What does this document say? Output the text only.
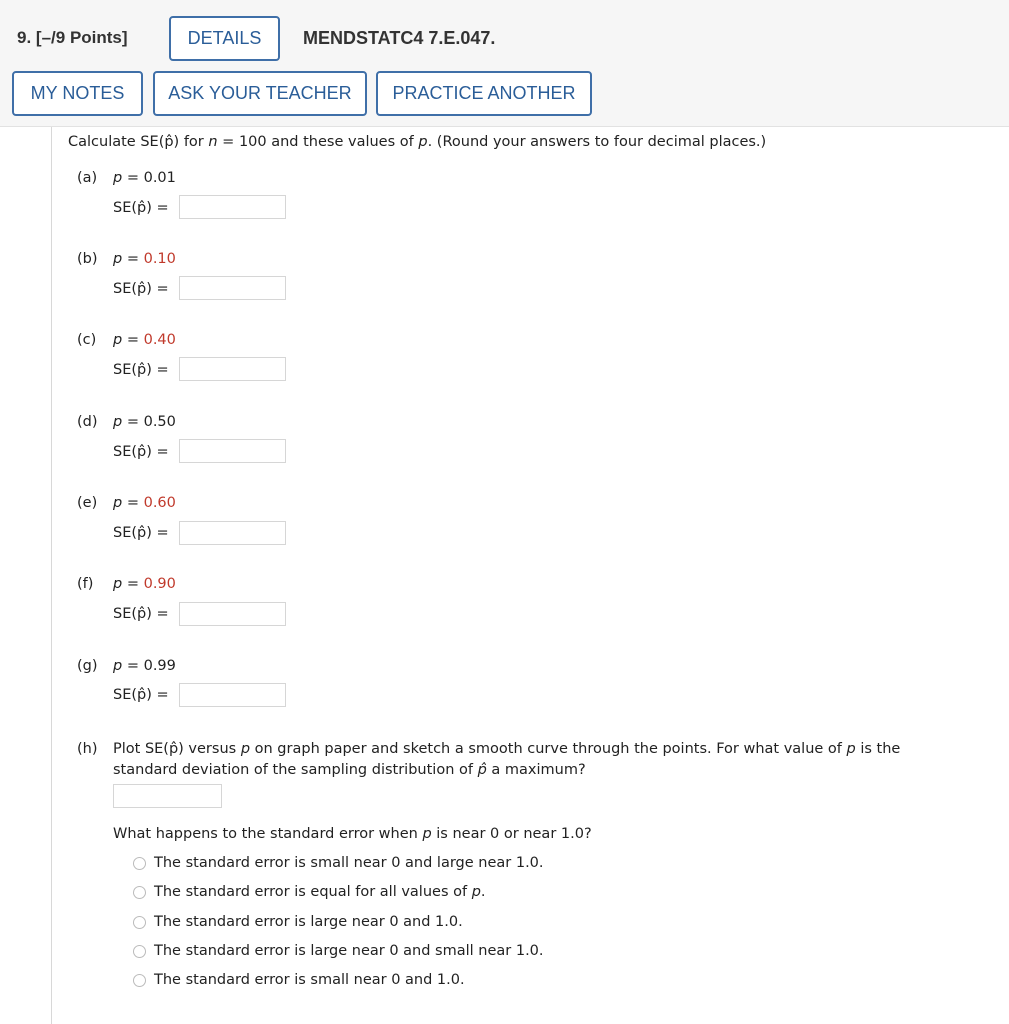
9. [–/9 Points]	DETAILS MENDSTATC4 7.E.047.
MY NOTES ASK YOUR TEACHER PRACTICE ANOTHER
Calculate SE(p̂) for n = 100 and these values of p. (Round your answers to four decimal places.)
(a) p = 0.01
SE(p̂) =
(b) p = 0.10
SE(p̂) =
(c) p = 0.40
SE(p̂) =
(d) p = 0.50
SE(p̂) =
(e) p = 0.60
SE(p̂) =
(f) p = 0.90
SE(p̂) =
(g) p = 0.99
SE(p̂) =
(h)	Plot SE(p̂) versus p on graph paper and sketch a smooth curve through the points. For what value of p is the standard deviation of the sampling distribution of p̂ a maximum?
What happens to the standard error when p is near 0 or near 1.0?
The standard error is small near 0 and large near 1.0.
The standard error is equal for all values of p.
The standard error is large near 0 and 1.0.
The standard error is large near 0 and small near 1.0.
The standard error is small near 0 and 1.0.
